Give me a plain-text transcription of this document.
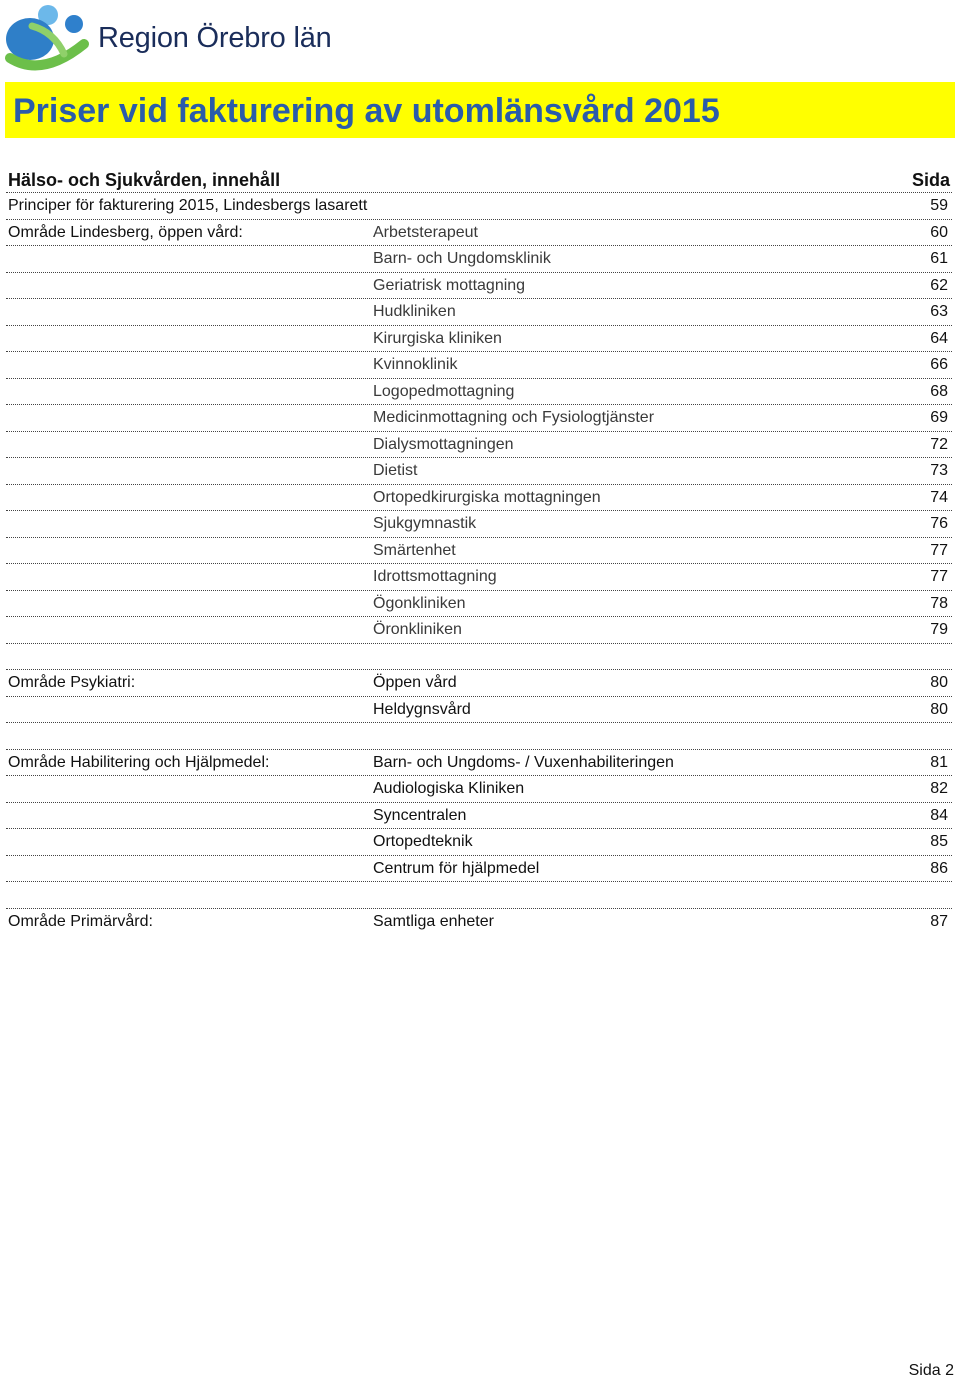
Region Örebro län
Priser vid fakturering av utomlänsvård 2015
Hälso- och Sjukvården, innehåll	Sida
Principer för fakturering 2015, Lindesbergs lasarett	59
Område Lindesberg, öppen vård:	Arbetsterapeut	60
Barn- och Ungdomsklinik	61
Geriatrisk mottagning	62
Hudkliniken	63
Kirurgiska kliniken	64
Kvinnoklinik	66
Logopedmottagning	68
Medicinmottagning och Fysiologtjänster	69
Dialysmottagningen	72
Dietist	73
Ortopedkirurgiska mottagningen	74
Sjukgymnastik	76
Smärtenhet	77
Idrottsmottagning	77
Ögonkliniken	78
Öronkliniken	79
Område Psykiatri:	Öppen vård	80
Heldygnsvård	80
Område Habilitering och Hjälpmedel:	Barn- och Ungdoms- / Vuxenhabiliteringen	81
Audiologiska Kliniken	82
Syncentralen	84
Ortopedteknik	85
Centrum för hjälpmedel	86
Område Primärvård:	Samtliga enheter	87
Sida 2
